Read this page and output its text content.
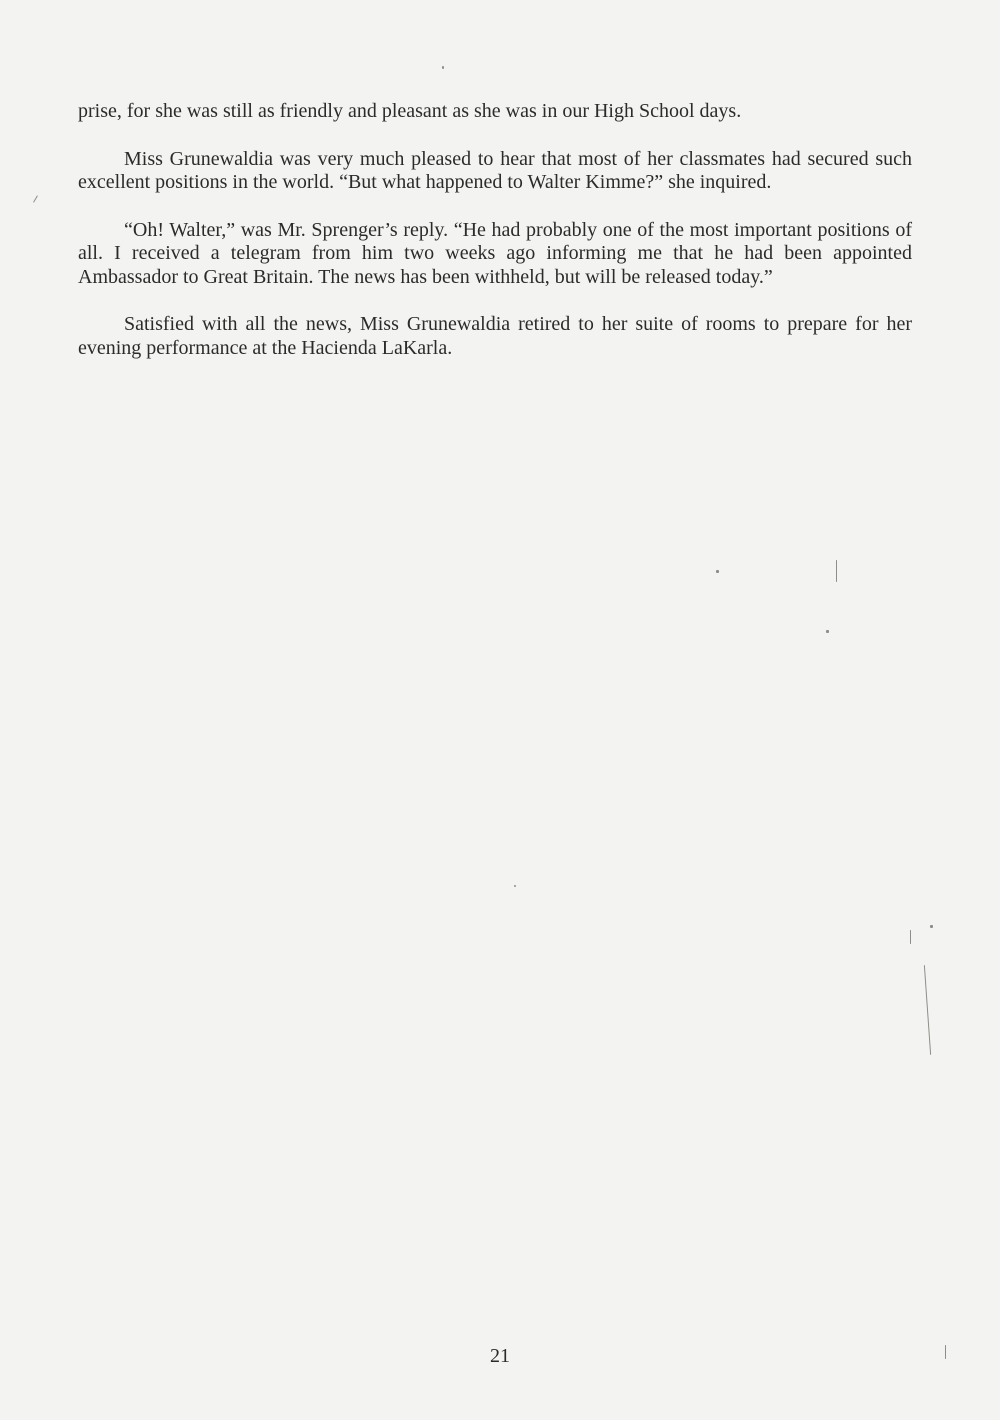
prise, for she was still as friendly and pleasant as she was in our High School days.

Miss Grunewaldia was very much pleased to hear that most of her classmates had secured such excellent positions in the world. “But what happened to Walter Kimme?” she inquired.

“Oh! Walter,” was Mr. Sprenger’s reply. “He had probably one of the most important positions of all. I received a telegram from him two weeks ago informing me that he had been appointed Ambassador to Great Britain. The news has been withheld, but will be released today.”

Satisfied with all the news, Miss Grunewaldia retired to her suite of rooms to prepare for her evening performance at the Hacienda LaKarla.

21
